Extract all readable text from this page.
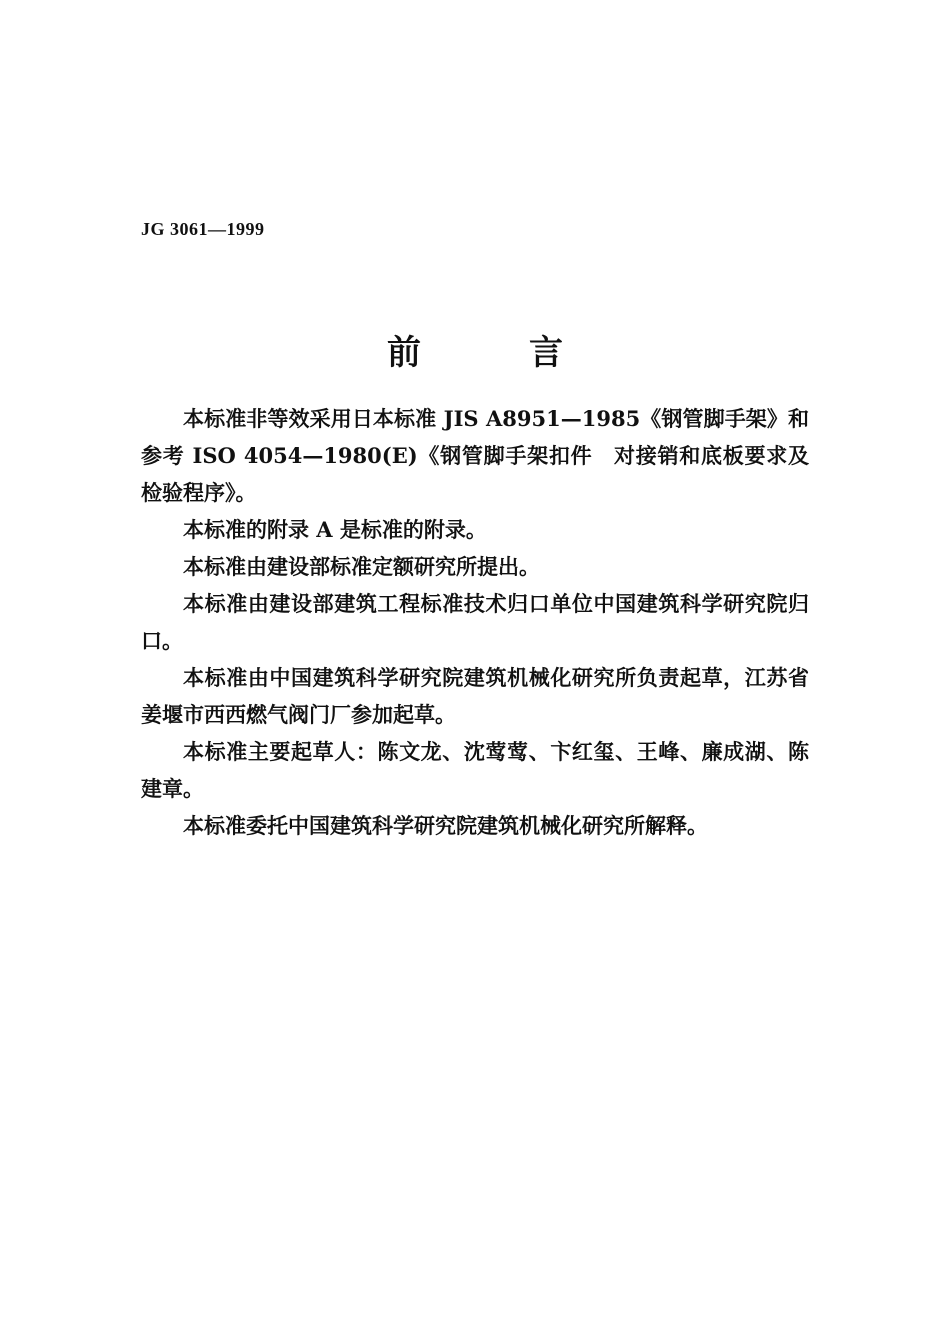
JG 3061—1999
前	言

本标准非等效采用日本标准 JIS A8951—1985《钢管脚手架》和参考 ISO 4054—1980(E)《钢管脚手架扣件　对接销和底板要求及检验程序》。

本标准的附录 A 是标准的附录。

本标准由建设部标准定额研究所提出。

本标准由建设部建筑工程标准技术归口单位中国建筑科学研究院归口。

本标准由中国建筑科学研究院建筑机械化研究所负责起草，江苏省姜堰市西西燃气阀门厂参加起草。

本标准主要起草人：陈文龙、沈莺莺、卞红玺、王峰、廉成湖、陈建章。

本标准委托中国建筑科学研究院建筑机械化研究所解释。
